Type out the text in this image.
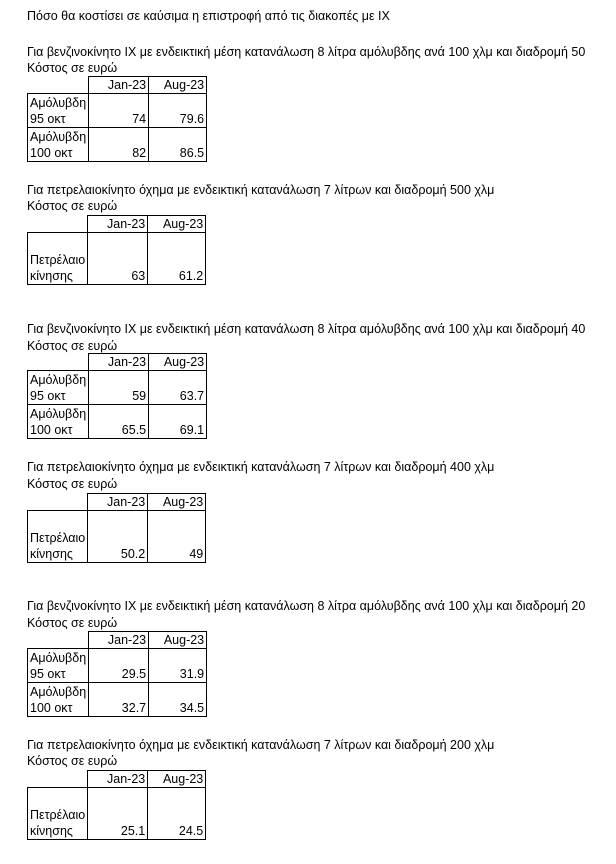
Πόσο θα κοστίσει σε καύσιμα η επιστροφή από τις διακοπές με ΙΧ
Για βενζινοκίνητο ΙΧ με ενδεικτική μέση κατανάλωση 8 λίτρα αμόλυβδης ανά 100 χλμ και διαδρομή 50
Κόστος σε ευρώ
	Jan-23	Aug-23

Αμόλυβδη
95 οκτ	74	79.6

Αμόλυβδη
100 οκτ	82	86.5
Για πετρελαιοκίνητο όχημα με ενδεικτική κατανάλωση 7 λίτρων και διαδρομή 500 χλμ
Κόστος σε ευρώ
	Jan-23	Aug-23

Πετρέλαιο
κίνησης	63	61.2
Για βενζινοκίνητο ΙΧ με ενδεικτική μέση κατανάλωση 8 λίτρα αμόλυβδης ανά 100 χλμ και διαδρομή 40
Κόστος σε ευρώ
	Jan-23	Aug-23

Αμόλυβδη
95 οκτ	59	63.7

Αμόλυβδη
100 οκτ	65.5	69.1
Για πετρελαιοκίνητο όχημα με ενδεικτική κατανάλωση 7 λίτρων και διαδρομή 400 χλμ
Κόστος σε ευρώ
	Jan-23	Aug-23

Πετρέλαιο
κίνησης	50.2	49
Για βενζινοκίνητο ΙΧ με ενδεικτική μέση κατανάλωση 8 λίτρα αμόλυβδης ανά 100 χλμ και διαδρομή 20
Κόστος σε ευρώ
	Jan-23	Aug-23

Αμόλυβδη
95 οκτ	29.5	31.9

Αμόλυβδη
100 οκτ	32.7	34.5
Για πετρελαιοκίνητο όχημα με ενδεικτική κατανάλωση 7 λίτρων και διαδρομή 200 χλμ
Κόστος σε ευρώ
	Jan-23	Aug-23

Πετρέλαιο
κίνησης	25.1	24.5
